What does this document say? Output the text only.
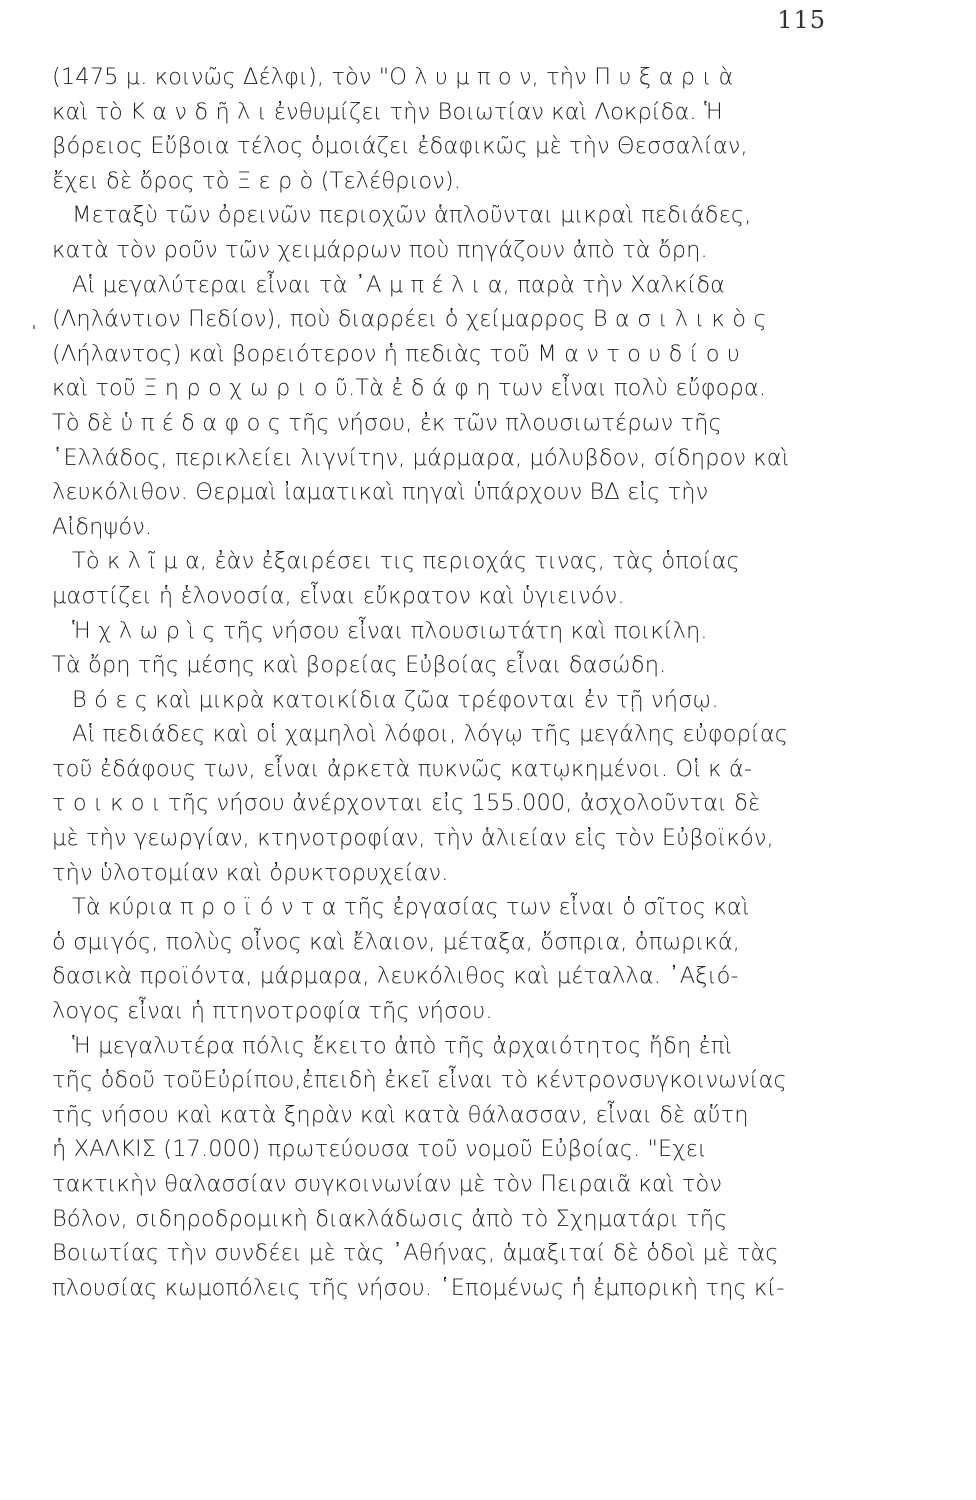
115
(1475 μ. κοινῶς Δέλφι), τὸν "Ο λ υ μ π ο ν, τὴν Π υ ξ α ρ ι ὰ
καὶ τὸ Κ α ν δ ῆ λ ι ἐνθυμίζει τὴν Βοιωτίαν καὶ Λοκρίδα. Ἡ
βόρειος Εὔβοια τέλος ὁμοιάζει ἐδαφικῶς μὲ τὴν Θεσσαλίαν,
ἔχει δὲ ὄρος τὸ Ξ ε ρ ὸ (Τελέθριον).
Μεταξὺ τῶν ὀρεινῶν περιοχῶν ἁπλοῦνται μικραὶ πεδιάδες,
κατὰ τὸν ροῦν τῶν χειμάρρων ποὺ πηγάζουν ἀπὸ τὰ ὄρη.
Αἱ μεγαλύτεραι εἶναι τὰ ᾿Α μ π έ λ ι α, παρὰ τὴν Χαλκίδα
(Ληλάντιον Πεδίον), ποὺ διαρρέει ὁ χείμαρρος Β α σ ι λ ι κ ὸ ς
(Λήλαντος) καὶ βορειότερον ἡ πεδιὰς τοῦ Μ α ν τ ο υ δ ί ο υ
καὶ τοῦ Ξ η ρ ο χ ω ρ ι ο ῦ.Τὰ ἐ δ ά φ η των εἶναι πολὺ εὔφορα.
Τὸ δὲ ὑ π έ δ α φ ο ς τῆς νήσου, ἐκ τῶν πλουσιωτέρων τῆς
῾Ελλάδος, περικλείει λιγνίτην, μάρμαρα, μόλυβδον, σίδηρον καὶ
λευκόλιθον. Θερμαὶ ἰαματικαὶ πηγαὶ ὑπάρχουν ΒΔ εἰς τὴν
Αἰδηψόν.
Τὸ κ λ ῖ μ α, ἐὰν ἐξαιρέσει τις περιοχάς τινας, τὰς ὁποίας
μαστίζει ἡ ἑλονοσία, εἶναι εὔκρατον καὶ ὑγιεινόν.
Ἡ χ λ ω ρ ὶ ς τῆς νήσου εἶναι πλουσιωτάτη καὶ ποικίλη.
Τὰ ὄρη τῆς μέσης καὶ βορείας Εὐβοίας εἶναι δασώδη.
Β ό ε ς καὶ μικρὰ κατοικίδια ζῶα τρέφονται ἐν τῇ νήσῳ.
Αἱ πεδιάδες καὶ οἱ χαμηλοὶ λόφοι, λόγῳ τῆς μεγάλης εὐφορίας
τοῦ ἐδάφους των, εἶναι ἀρκετὰ πυκνῶς κατῳκημένοι. Οἱ κ ά-
τ ο ι κ ο ι τῆς νήσου ἀνέρχονται εἰς 155.000, ἀσχολοῦνται δὲ
μὲ τὴν γεωργίαν, κτηνοτροφίαν, τὴν ἁλιείαν εἰς τὸν Εὐβοϊκόν,
τὴν ὑλοτομίαν καὶ ὀρυκτορυχείαν.
Τὰ κύρια π ρ ο ϊ ό ν τ α τῆς ἐργασίας των εἶναι ὁ σῖτος καὶ
ὁ σμιγός, πολὺς οἶνος καὶ ἔλαιον, μέταξα, ὄσπρια, ὀπωρικά,
δασικὰ προϊόντα, μάρμαρα, λευκόλιθος καὶ μέταλλα. ᾿Αξιό-
λογος εἶναι ἡ πτηνοτροφία τῆς νήσου.
Ἡ μεγαλυτέρα πόλις ἔκειτο ἀπὸ τῆς ἀρχαιότητος ἤδη ἐπὶ
τῆς ὁδοῦ τοῦΕὐρίπου,ἐπειδὴ ἐκεῖ εἶναι τὸ κέντρονσυγκοινωνίας
τῆς νήσου καὶ κατὰ ξηρὰν καὶ κατὰ θάλασσαν, εἶναι δὲ αὕτη
ἡ ΧΑΛΚΙΣ (17.000) πρωτεύουσα τοῦ νομοῦ Εὐβοίας. "Εχει
τακτικὴν θαλασσίαν συγκοινωνίαν μὲ τὸν Πειραιᾶ καὶ τὸν
Βόλον, σιδηροδρομικὴ διακλάδωσις ἀπὸ τὸ Σχηματάρι τῆς
Βοιωτίας τὴν συνδέει μὲ τὰς ᾿Αθήνας, ἁμαξιταί δὲ ὁδοὶ μὲ τὰς
πλουσίας κωμοπόλεις τῆς νήσου. ῾Επομένως ἡ ἐμπορικὴ της κί-
